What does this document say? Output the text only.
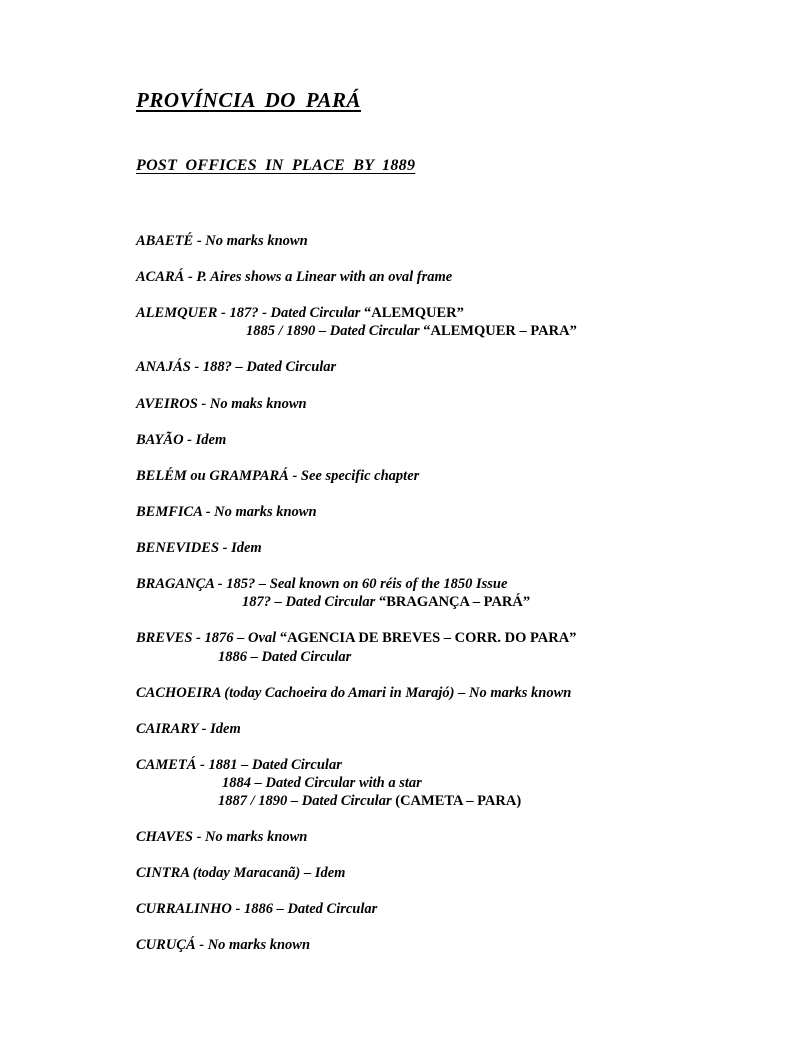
PROVÍNCIA DO PARÁ
POST OFFICES IN PLACE BY 1889
ABAETÉ - No marks known
ACARÁ - P. Aires shows a Linear with an oval frame
ALEMQUER - 187? - Dated Circular “ALEMQUER”
1885 / 1890 – Dated Circular “ALEMQUER – PARA”
ANAJÁS - 188? – Dated Circular
AVEIROS - No maks known
BAYÃO - Idem
BELÉM ou GRAMPARÁ - See specific chapter
BEMFICA - No marks known
BENEVIDES - Idem
BRAGANÇA - 185? – Seal known on 60 réis of the 1850 Issue
187? – Dated Circular “BRAGANÇA – PARÁ”
BREVES - 1876 – Oval “AGENCIA DE BREVES – CORR. DO PARA”
1886 – Dated Circular
CACHOEIRA (today Cachoeira do Amari in Marajó) – No marks known
CAIRARY - Idem
CAMETÁ - 1881 – Dated Circular
1884 – Dated Circular with a star
1887 / 1890 – Dated Circular (CAMETA – PARA)
CHAVES - No marks known
CINTRA (today Maracanã) – Idem
CURRALINHO - 1886 – Dated Circular
CURUÇÁ - No marks known
